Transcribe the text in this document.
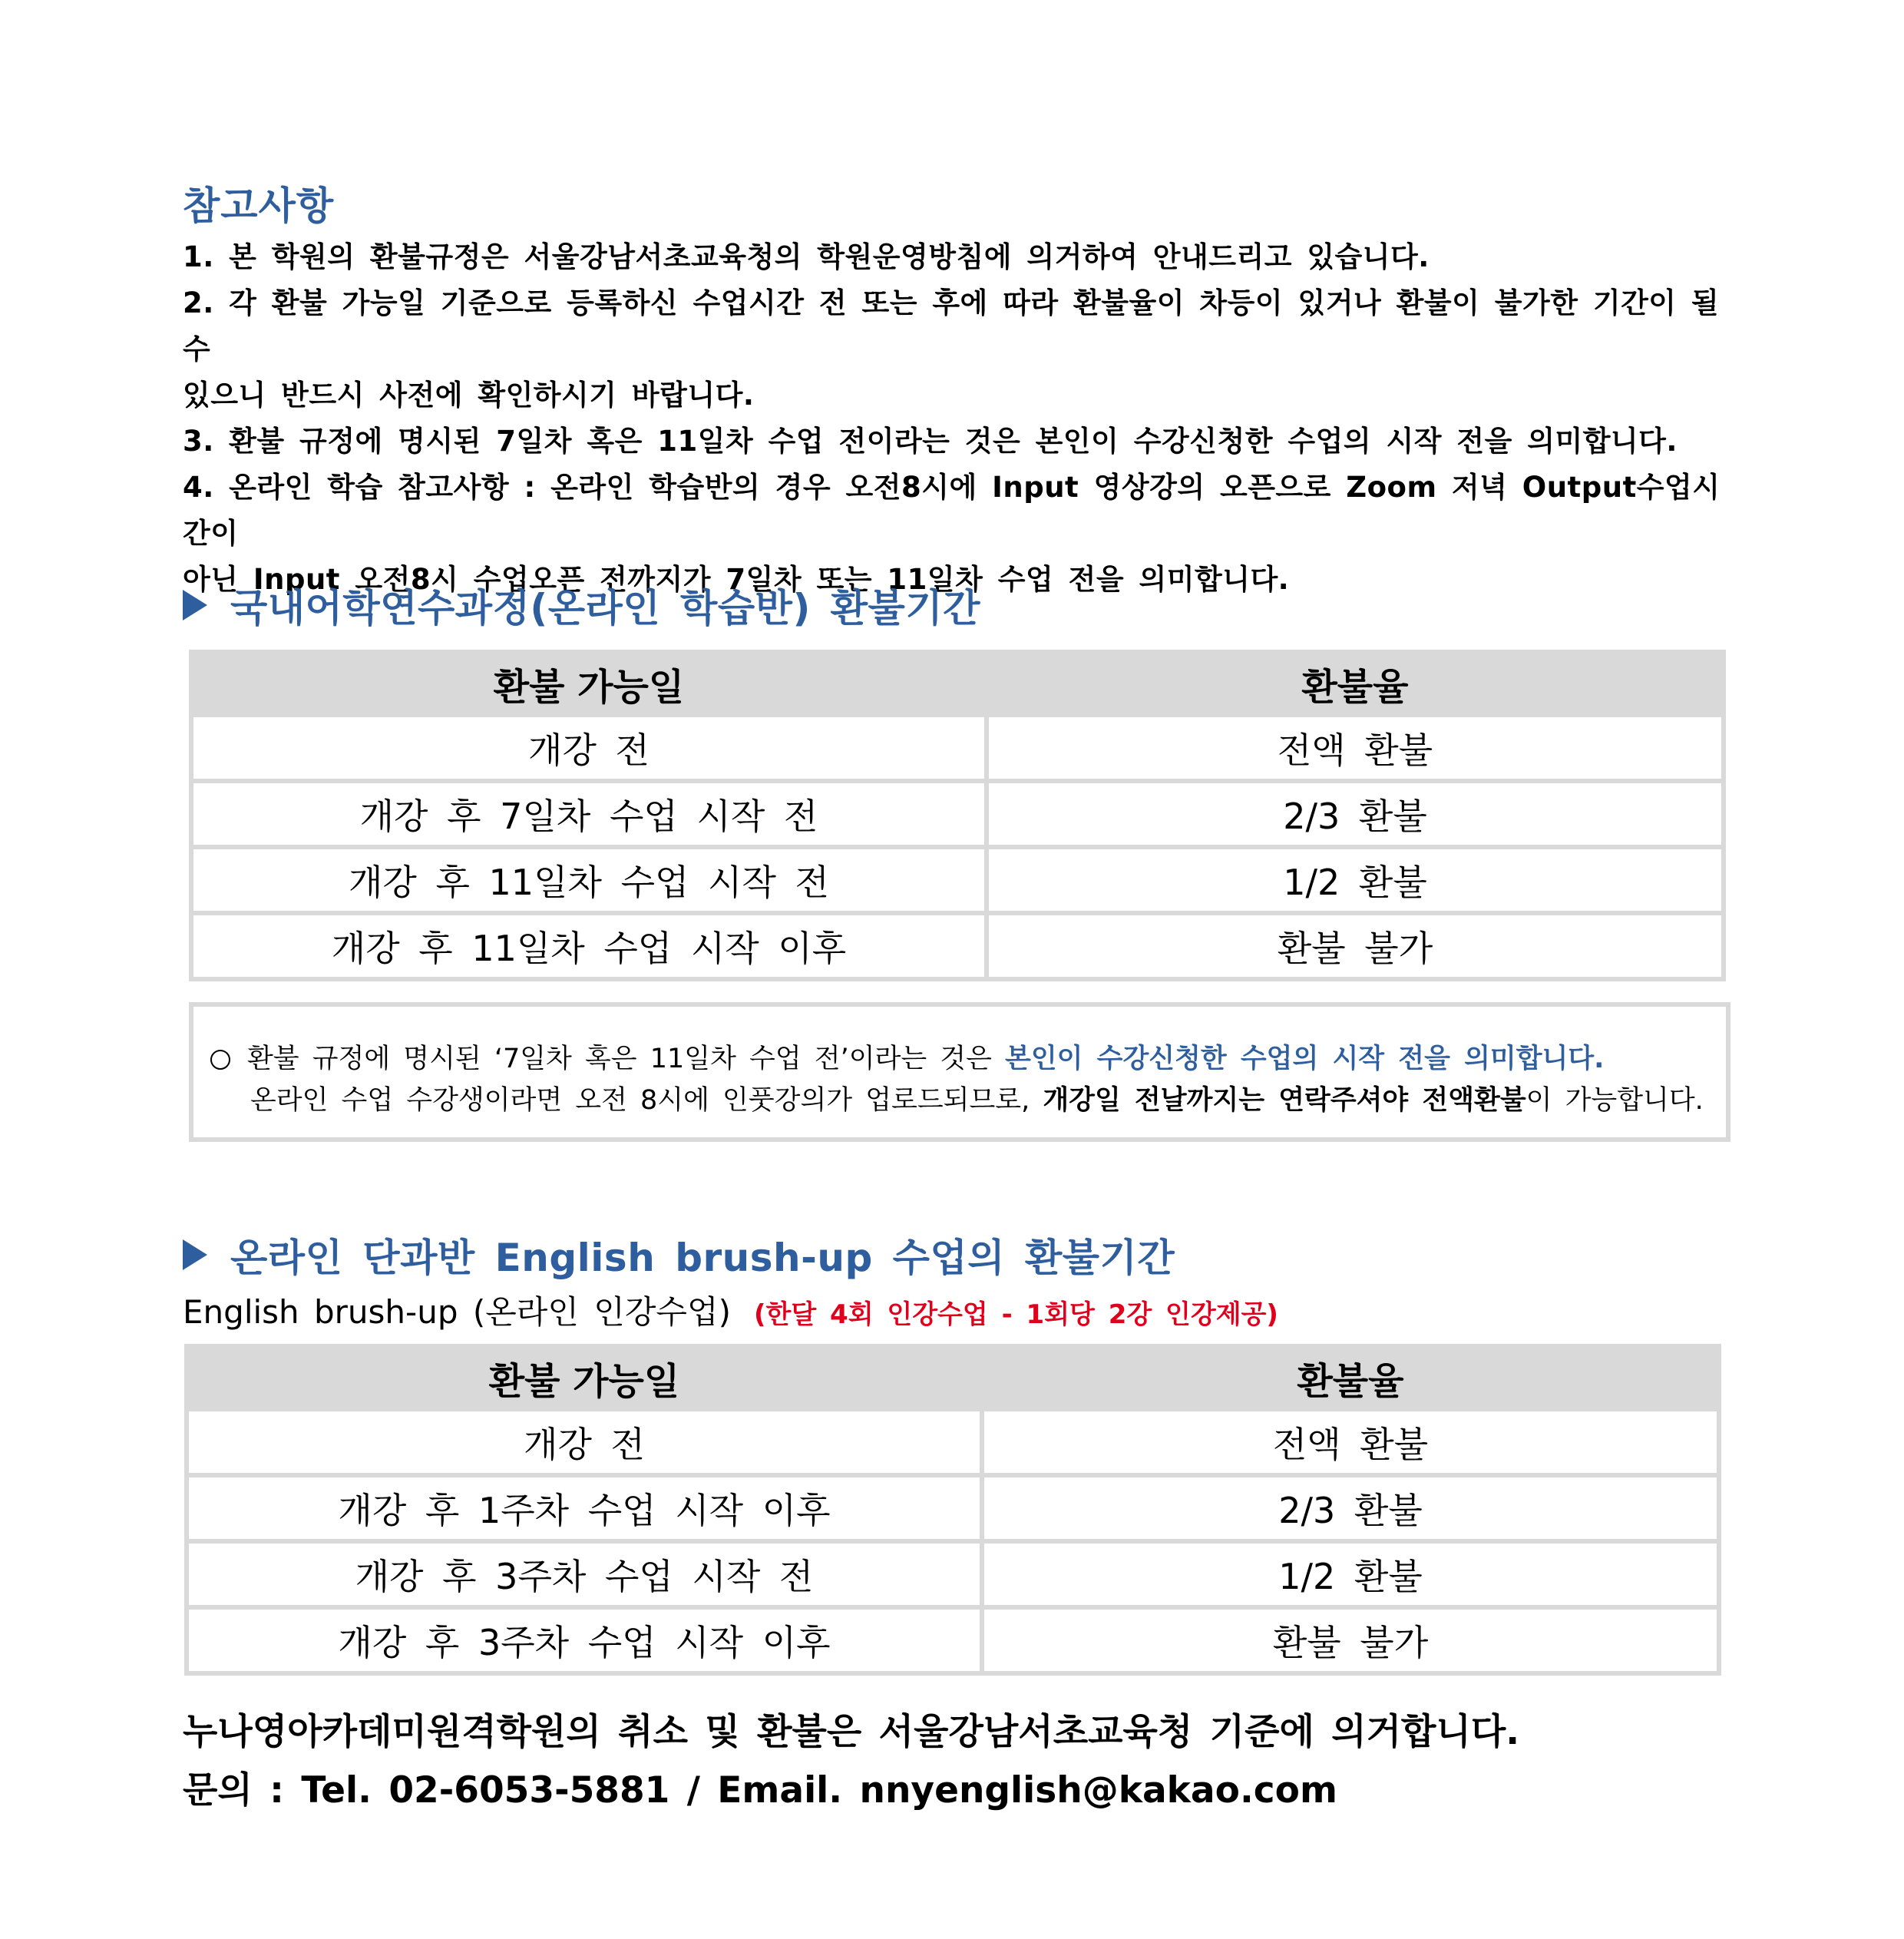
참고사항

1. 본 학원의 환불규정은 서울강남서초교육청의 학원운영방침에 의거하여 안내드리고 있습니다.

2. 각 환불 가능일 기준으로 등록하신 수업시간 전 또는 후에 따라 환불율이 차등이 있거나 환불이 불가한 기간이 될 수

있으니 반드시 사전에 확인하시기 바랍니다.

3. 환불 규정에 명시된 7일차 혹은 11일차 수업 전이라는 것은 본인이 수강신청한 수업의 시작 전을 의미합니다.

4. 온라인 학습 참고사항 : 온라인 학습반의 경우 오전8시에 Input 영상강의 오픈으로 Zoom 저녁 Output수업시간이

아닌 Input 오전8시 수업오픈 전까지가 7일차 또는 11일차 수업 전을 의미합니다.

국내어학연수과정(온라인 학습반) 환불기간
환불 가능일	환불율
개강 전	전액 환불
개강 후 7일차 수업 시작 전	2/3 환불
개강 후 11일차 수업 시작 전	1/2 환불
개강 후 11일차 수업 시작 이후	환불 불가
환불 규정에 명시된 ‘7일차 혹은 11일차 수업 전’이라는 것은 본인이 수강신청한 수업의 시작 전을 의미합니다.
온라인 수업 수강생이라면 오전 8시에 인풋강의가 업로드되므로, 개강일 전날까지는 연락주셔야 전액환불이 가능합니다.
온라인 단과반 English brush-up 수업의 환불기간
English brush-up (온라인 인강수업) (한달 4회 인강수업 - 1회당 2강 인강제공)
환불 가능일	환불율
개강 전	전액 환불
개강 후 1주차 수업 시작 이후	2/3 환불
개강 후 3주차 수업 시작 전	1/2 환불
개강 후 3주차 수업 시작 이후	환불 불가
누나영아카데미원격학원의 취소 및 환불은 서울강남서초교육청 기준에 의거합니다.
문의 : Tel. 02-6053-5881 / Email. nnyenglish@kakao.com
